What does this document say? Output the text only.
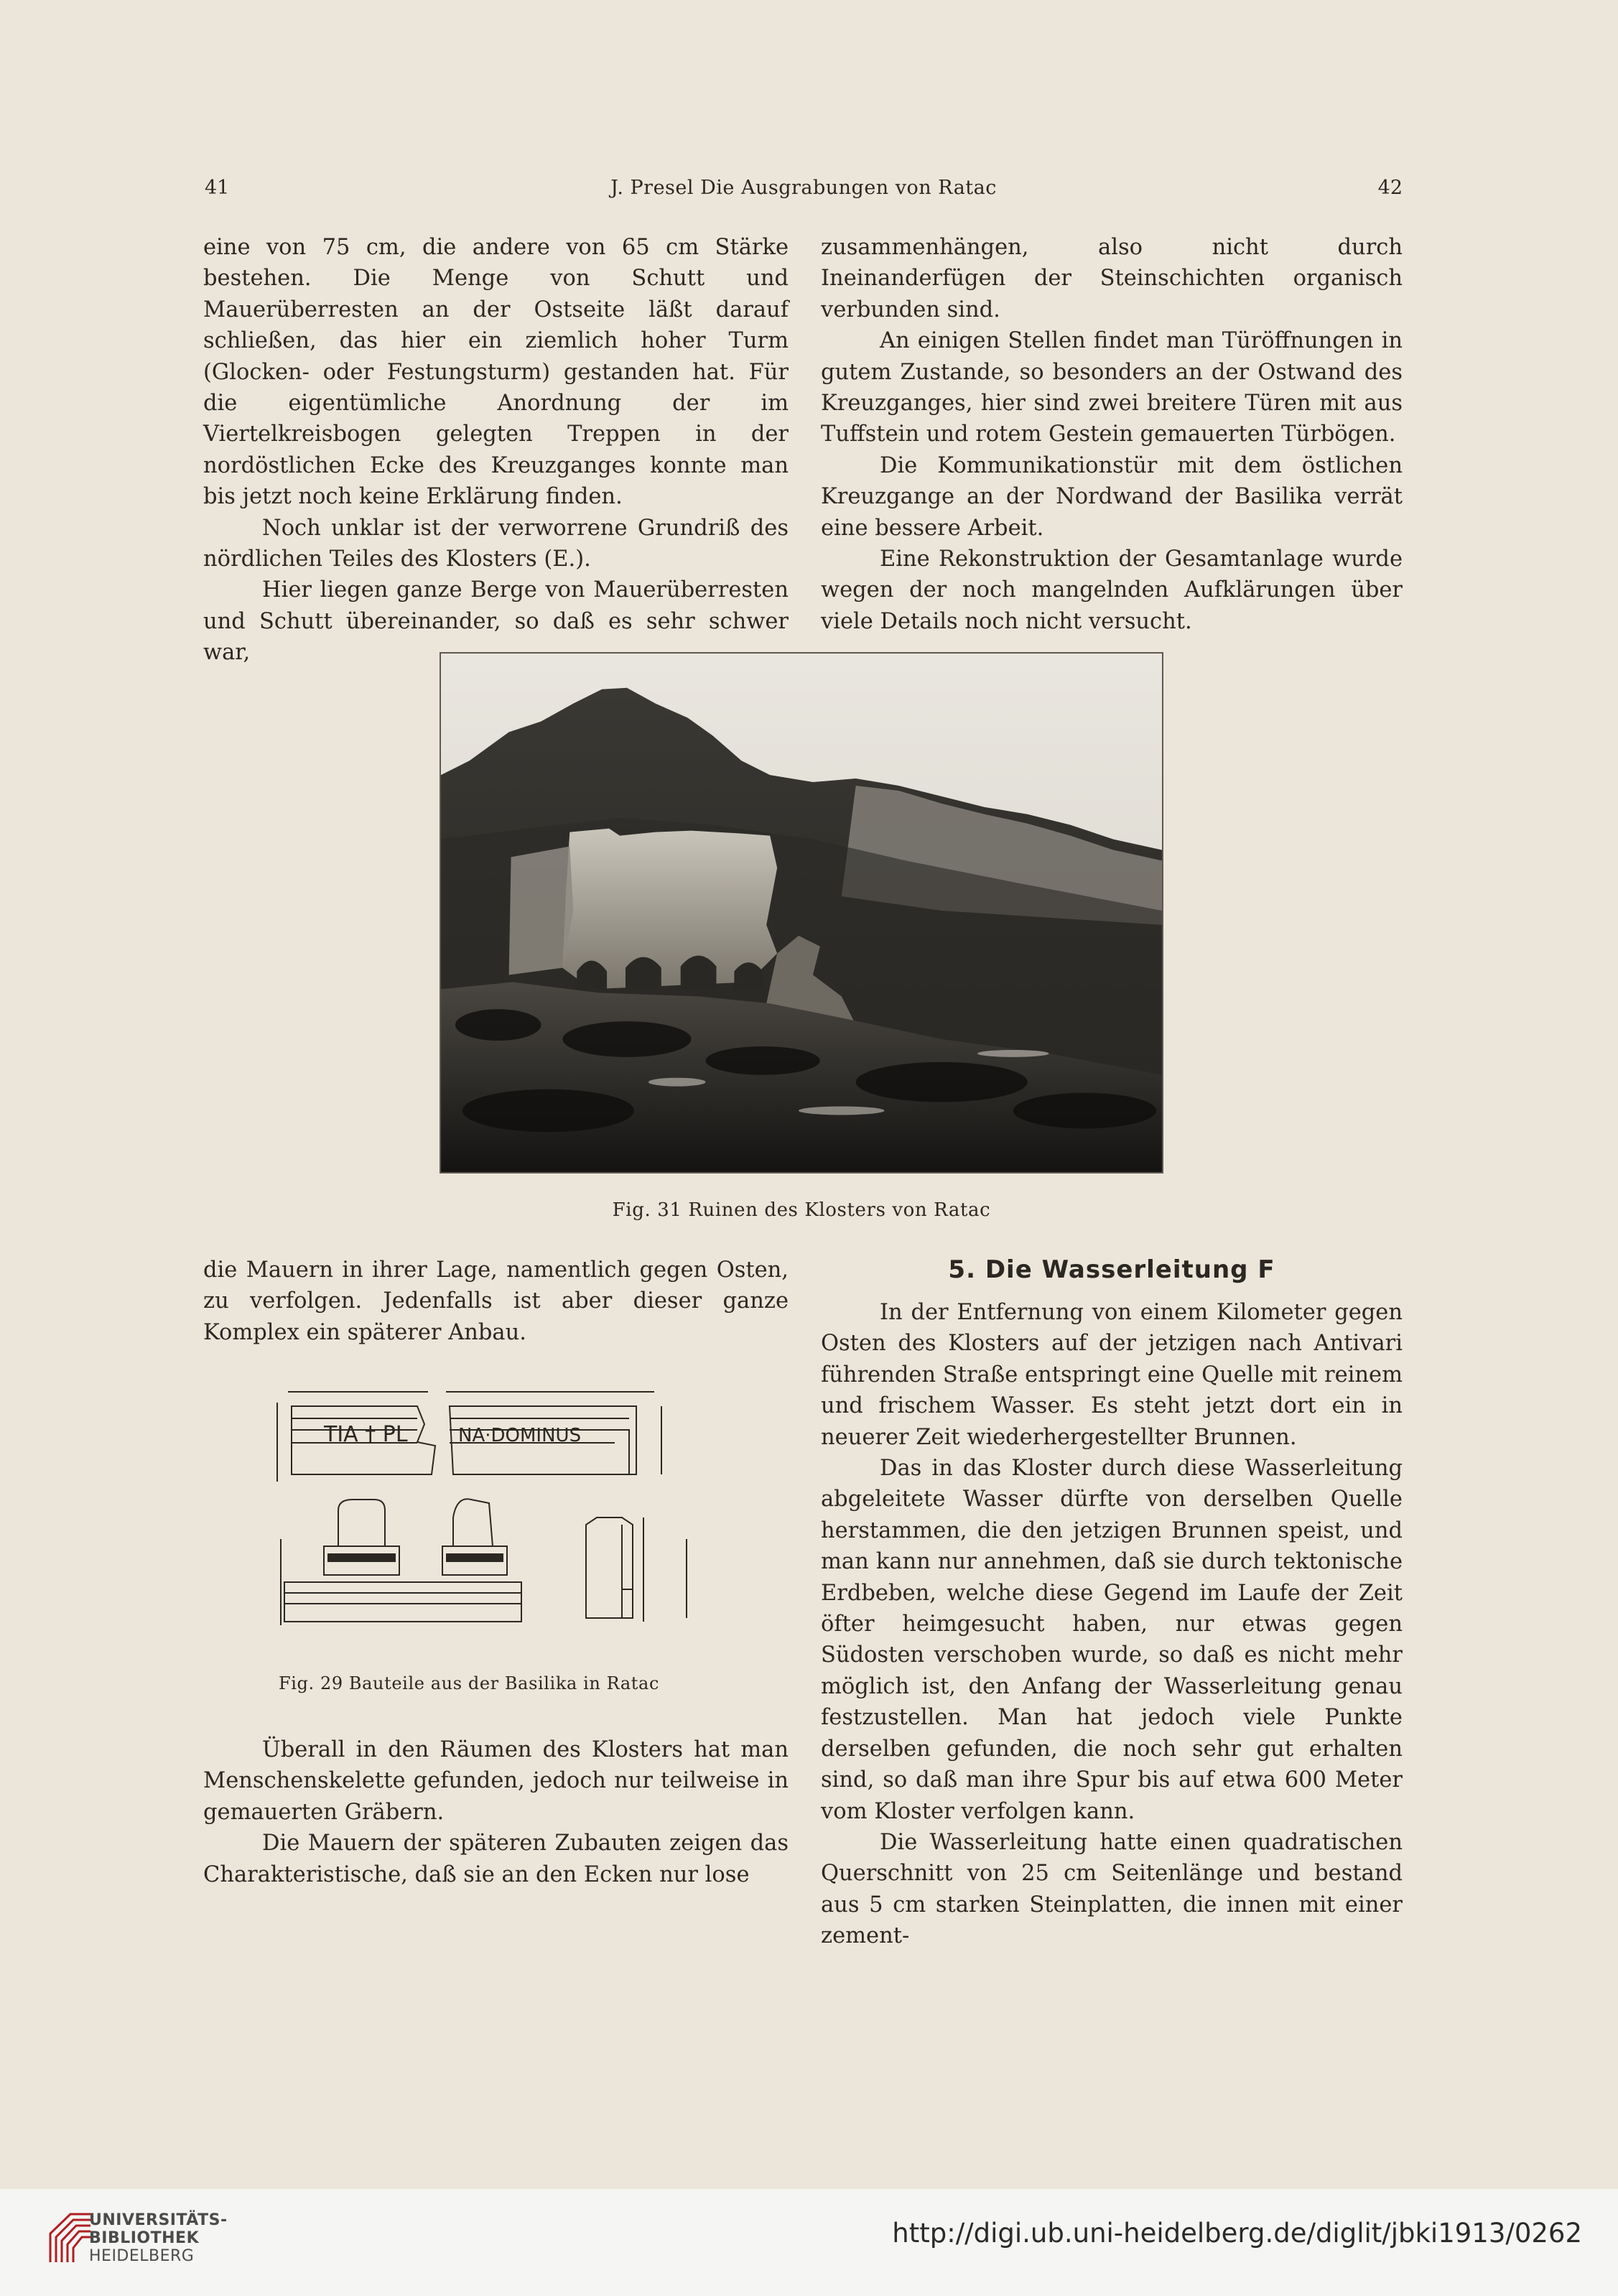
41	J. Presel Die Ausgrabungen von Ratac	42

eine von 75 cm, die andere von 65 cm Stärke bestehen. Die Menge von Schutt und Mauerüberresten an der Ostseite läßt darauf schließen, das hier ein ziemlich hoher Turm (Glocken- oder Festungsturm) gestanden hat. Für die eigentümliche Anordnung der im Viertelkreisbogen gelegten Treppen in der nordöstlichen Ecke des Kreuzganges konnte man bis jetzt noch keine Erklärung finden.

Noch unklar ist der verworrene Grundriß des nördlichen Teiles des Klosters (E.).

Hier liegen ganze Berge von Mauerüberresten und Schutt übereinander, so daß es sehr schwer war,

zusammenhängen, also nicht durch Ineinanderfügen der Steinschichten organisch verbunden sind.

An einigen Stellen findet man Türöffnungen in gutem Zustande, so besonders an der Ostwand des Kreuzganges, hier sind zwei breitere Türen mit aus Tuffstein und rotem Gestein gemauerten Türbögen.

Die Kommunikationstür mit dem östlichen Kreuzgange an der Nordwand der Basilika verrät eine bessere Arbeit.

Eine Rekonstruktion der Gesamtanlage wurde wegen der noch mangelnden Aufklärungen über viele Details noch nicht versucht.

Fig. 31 Ruinen des Klosters von Ratac

die Mauern in ihrer Lage, namentlich gegen Osten, zu verfolgen. Jedenfalls ist aber dieser ganze Komplex ein späterer Anbau.

TIA † PL	NA·DOMINUS
Fig. 29 Bauteile aus der Basilika in Ratac

Überall in den Räumen des Klosters hat man Menschenskelette gefunden, jedoch nur teilweise in gemauerten Gräbern.

Die Mauern der späteren Zubauten zeigen das Charakteristische, daß sie an den Ecken nur lose

5. Die Wasserleitung F

In der Entfernung von einem Kilometer gegen Osten des Klosters auf der jetzigen nach Antivari führenden Straße entspringt eine Quelle mit reinem und frischem Wasser. Es steht jetzt dort ein in neuerer Zeit wiederhergestellter Brunnen.

Das in das Kloster durch diese Wasserleitung abgeleitete Wasser dürfte von derselben Quelle herstammen, die den jetzigen Brunnen speist, und man kann nur annehmen, daß sie durch tektonische Erdbeben, welche diese Gegend im Laufe der Zeit öfter heimgesucht haben, nur etwas gegen Südosten verschoben wurde, so daß es nicht mehr möglich ist, den Anfang der Wasserleitung genau festzustellen. Man hat jedoch viele Punkte derselben gefunden, die noch sehr gut erhalten sind, so daß man ihre Spur bis auf etwa 600 Meter vom Kloster verfolgen kann.

Die Wasserleitung hatte einen quadratischen Querschnitt von 25 cm Seitenlänge und bestand aus 5 cm starken Steinplatten, die innen mit einer zement-

UNIVERSITÄTS-
BIBLIOTHEK
HEIDELBERG
http://digi.ub.uni-heidelberg.de/diglit/jbki1913/0262
